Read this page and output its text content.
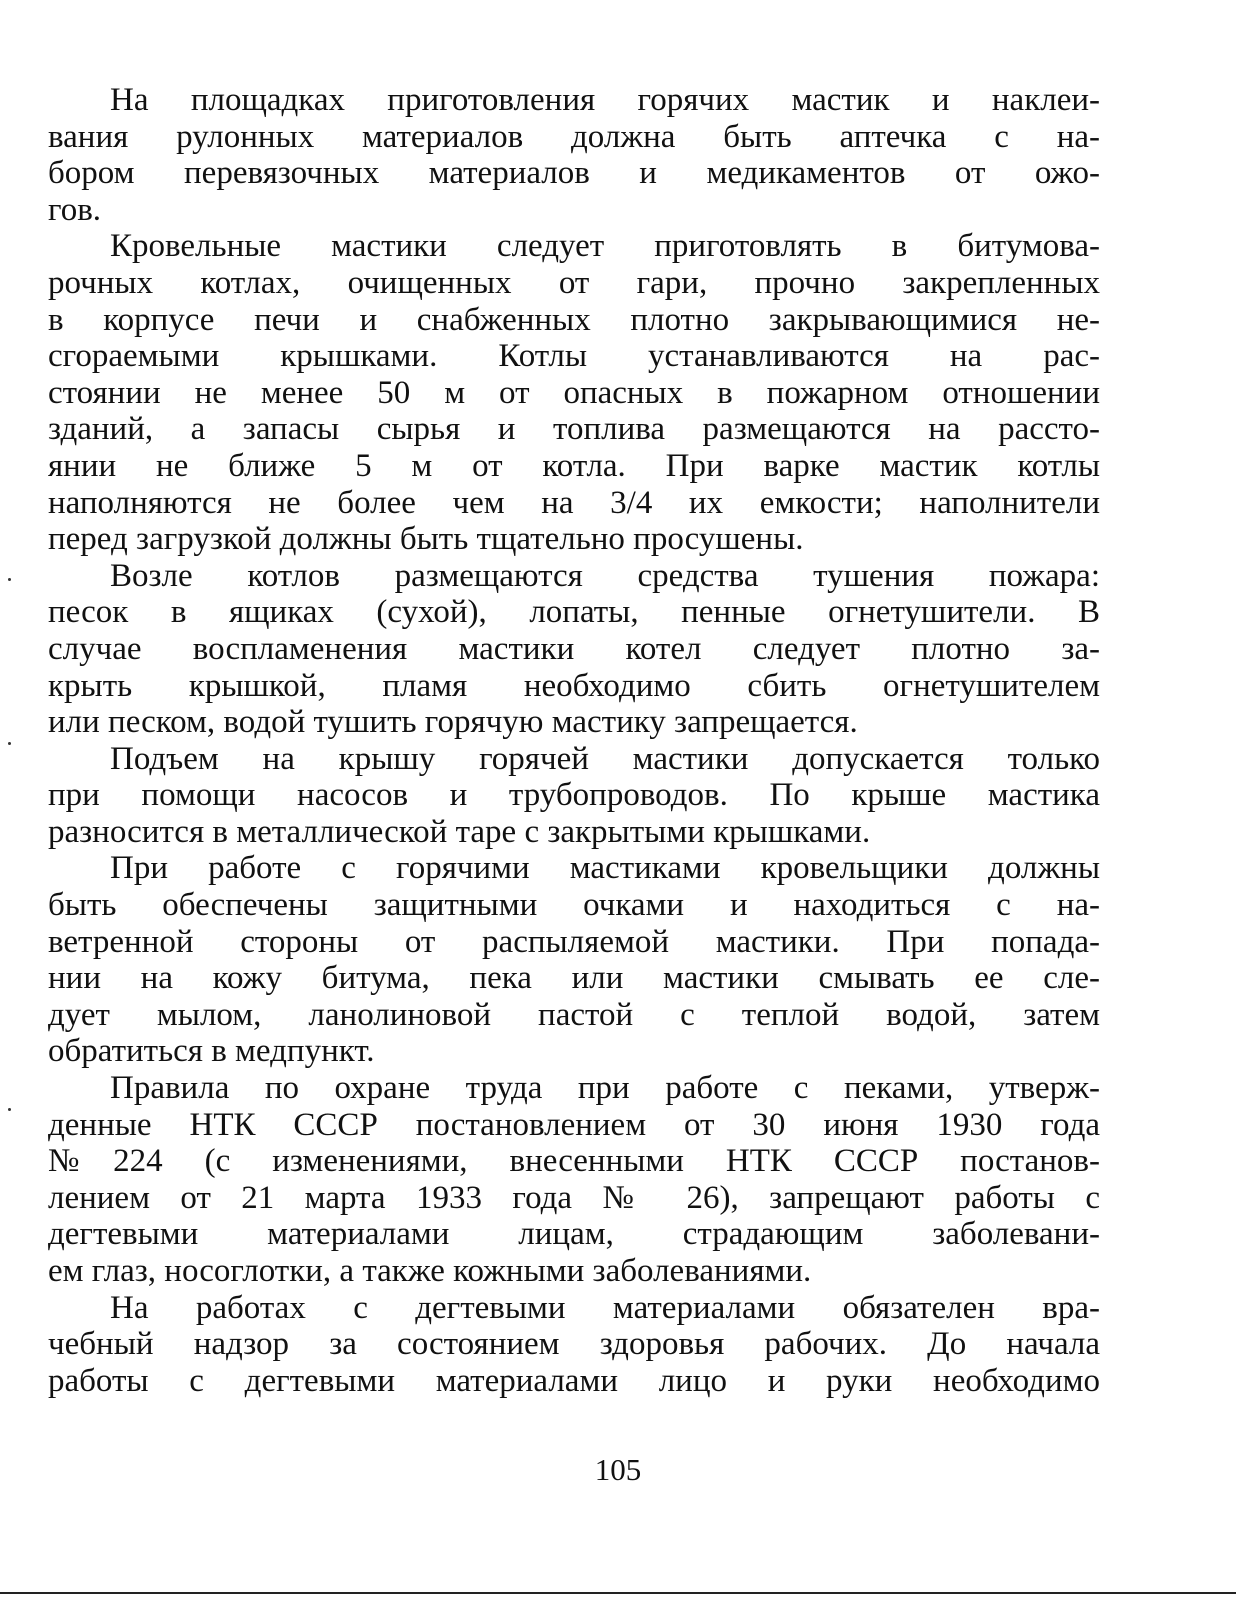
На площадках приготовления горячих мастик и наклеи-
вания рулонных материалов должна быть аптечка с на-
бором перевязочных материалов и медикаментов от ожо-
гов.
Кровельные мастики следует приготовлять в битумова-
рочных котлах, очищенных от гари, прочно закрепленных
в корпусе печи и снабженных плотно закрывающимися не-
сгораемыми крышками. Котлы устанавливаются на рас-
стоянии не менее 50 м от опасных в пожарном отношении
зданий, а запасы сырья и топлива размещаются на рассто-
янии не ближе 5 м от котла. При варке мастик котлы
наполняются не более чем на 3/4 их емкости; наполнители
перед загрузкой должны быть тщательно просушены.
Возле котлов размещаются средства тушения пожара:
песок в ящиках (сухой), лопаты, пенные огнетушители. В
случае воспламенения мастики котел следует плотно за-
крыть крышкой, пламя необходимо сбить огнетушителем
или песком, водой тушить горячую мастику запрещается.
Подъем на крышу горячей мастики допускается только
при помощи насосов и трубопроводов. По крыше мастика
разносится в металлической таре с закрытыми крышками.
При работе с горячими мастиками кровельщики должны
быть обеспечены защитными очками и находиться с на-
ветренной стороны от распыляемой мастики. При попада-
нии на кожу битума, пека или мастики смывать ее сле-
дует мылом, ланолиновой пастой с теплой водой, затем
обратиться в медпункт.
Правила по охране труда при работе с пеками, утверж-
денные НТК СССР постановлением от 30 июня 1930 года
№224 (с изменениями, внесенными НТК СССР постанов-
лением от 21 марта 1933 года № 26), запрещают работы с
дегтевыми материалами лицам, страдающим заболевани-
ем глаз, носоглотки, а также кожными заболеваниями.
На работах с дегтевыми материалами обязателен вра-
чебный надзор за состоянием здоровья рабочих. До начала
работы с дегтевыми материалами лицо и руки необходимо
105
